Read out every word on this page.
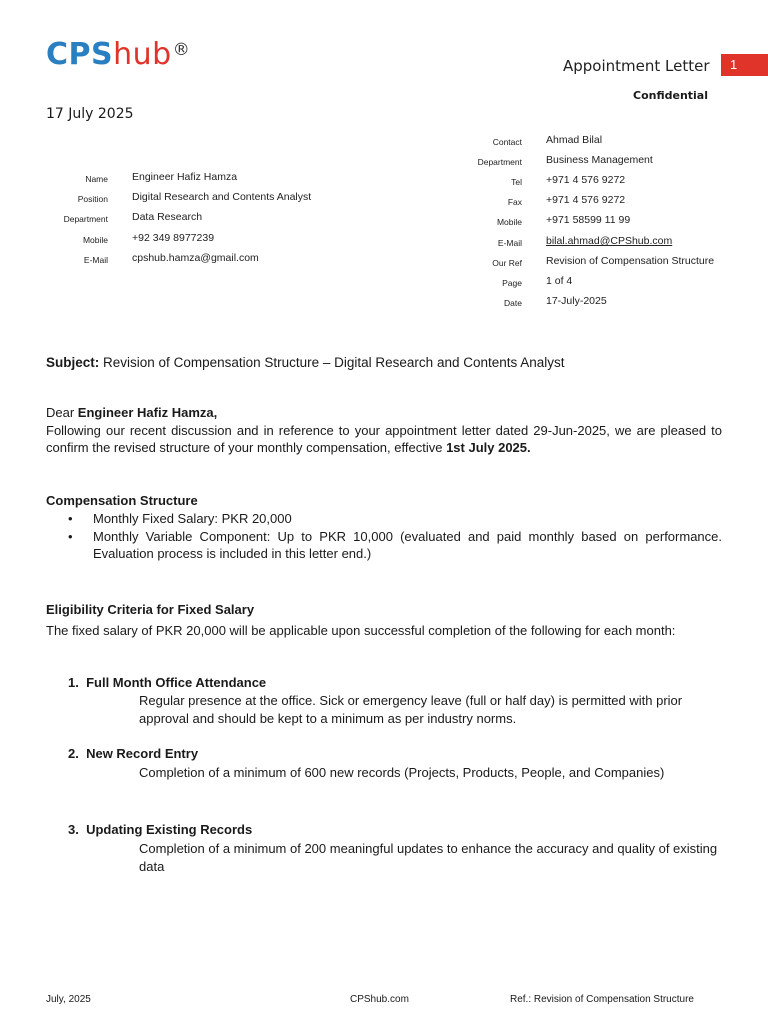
CPShub®
Appointment Letter	1
Confidential
17 July 2025
Name Engineer Hafiz Hamza
Position Digital Research and Contents Analyst
Department Data Research
Mobile +92 349 8977239
E-Mail cpshub.hamza@gmail.com
Contact Ahmad Bilal
Department Business Management
Tel +971 4 576 9272
Fax +971 4 576 9272
Mobile +971 58599 11 99
E-Mail bilal.ahmad@CPShub.com
Our Ref Revision of Compensation Structure
Page 1 of 4
Date 17-July-2025
Subject: Revision of Compensation Structure – Digital Research and Contents Analyst
Dear Engineer Hafiz Hamza,
Following our recent discussion and in reference to your appointment letter dated 29-Jun-2025, we are pleased to confirm the revised structure of your monthly compensation, effective 1st July 2025.
Compensation Structure
• Monthly Fixed Salary: PKR 20,000
• Monthly Variable Component: Up to PKR 10,000 (evaluated and paid monthly based on performance. Evaluation process is included in this letter end.)
Eligibility Criteria for Fixed Salary
The fixed salary of PKR 20,000 will be applicable upon successful completion of the following for each month:
1. Full Month Office Attendance
Regular presence at the office. Sick or emergency leave (full or half day) is permitted with prior approval and should be kept to a minimum as per industry norms.
2. New Record Entry
Completion of a minimum of 600 new records (Projects, Products, People, and Companies)
3. Updating Existing Records
Completion of a minimum of 200 meaningful updates to enhance the accuracy and quality of existing data
July, 2025	CPShub.com	Ref.: Revision of Compensation Structure
